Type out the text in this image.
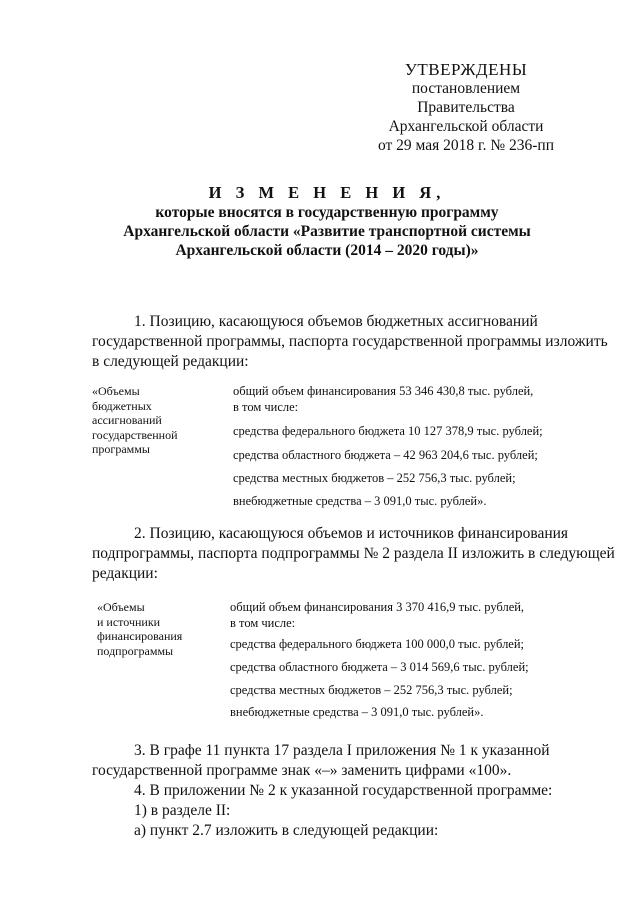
УТВЕРЖДЕНЫ
постановлением Правительства
Архангельской области
от 29 мая 2018 г. № 236-пп
И З М Е Н Е Н И Я,
которые вносятся в государственную программу
Архангельской области «Развитие транспортной системы
Архангельской области (2014 – 2020 годы)»
1. Позицию, касающуюся объемов бюджетных ассигнований
государственной программы, паспорта государственной программы изложить
в следующей редакции:
«Объемы
бюджетных
ассигнований
государственной
программы
общий объем финансирования 53 346 430,8 тыс. рублей,
в том числе:
средства федерального бюджета 10 127 378,9 тыс. рублей;
средства областного бюджета – 42 963 204,6 тыс. рублей;
средства местных бюджетов – 252 756,3 тыс. рублей;
внебюджетные средства – 3 091,0 тыс. рублей».
2. Позицию, касающуюся объемов и источников финансирования
подпрограммы, паспорта подпрограммы № 2 раздела II изложить в следующей
редакции:
«Объемы
и источники
финансирования
подпрограммы
общий объем финансирования 3 370 416,9 тыс. рублей,
в том числе:
средства федерального бюджета 100 000,0 тыс. рублей;
средства областного бюджета – 3 014 569,6 тыс. рублей;
средства местных бюджетов – 252 756,3 тыс. рублей;
внебюджетные средства – 3 091,0 тыс. рублей».
3. В графе 11 пункта 17 раздела I приложения № 1 к указанной
государственной программе знак «–» заменить цифрами «100».
4. В приложении № 2 к указанной государственной программе:
1) в разделе II:
а) пункт 2.7 изложить в следующей редакции:
